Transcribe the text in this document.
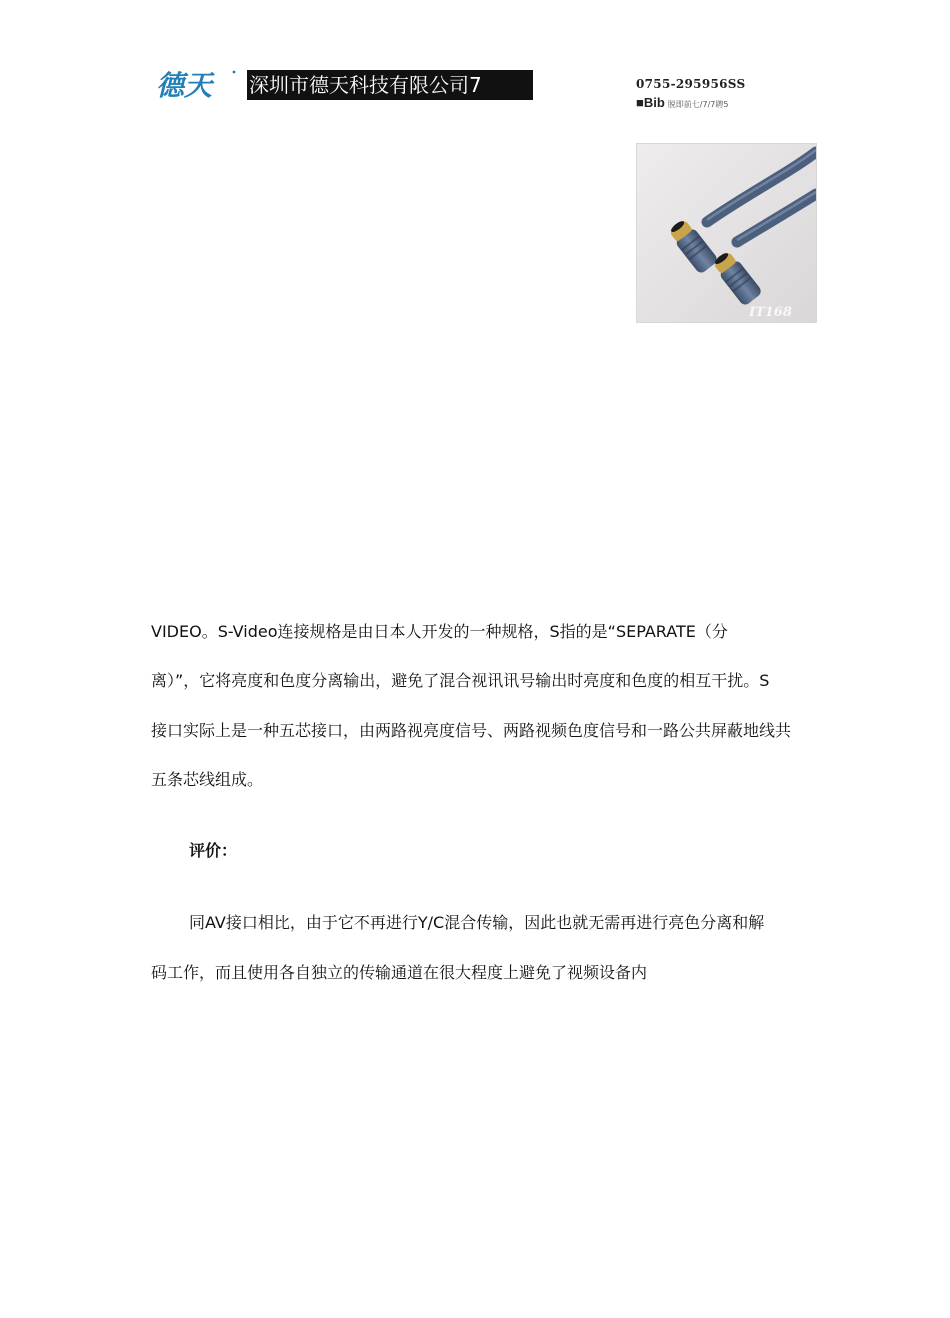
德天 深圳市德天科技有限公司7	0755-295956SS
■Bib 脱即前七/7/7聘5
IT168
VIDEO。S-Video连接规格是由日本人开发的一种规格，S指的是“SEPARATE（分
离）”，它将亮度和色度分离输出，避免了混合视讯讯号输出时亮度和色度的相互干扰。S
接口实际上是一种五芯接口，由两路视亮度信号、两路视频色度信号和一路公共屏蔽地线共
五条芯线组成。
评价：
同AV接口相比，由于它不再进行Y/C混合传输，因此也就无需再进行亮色分离和解
码工作，而且使用各自独立的传输通道在很大程度上避免了视频设备内
